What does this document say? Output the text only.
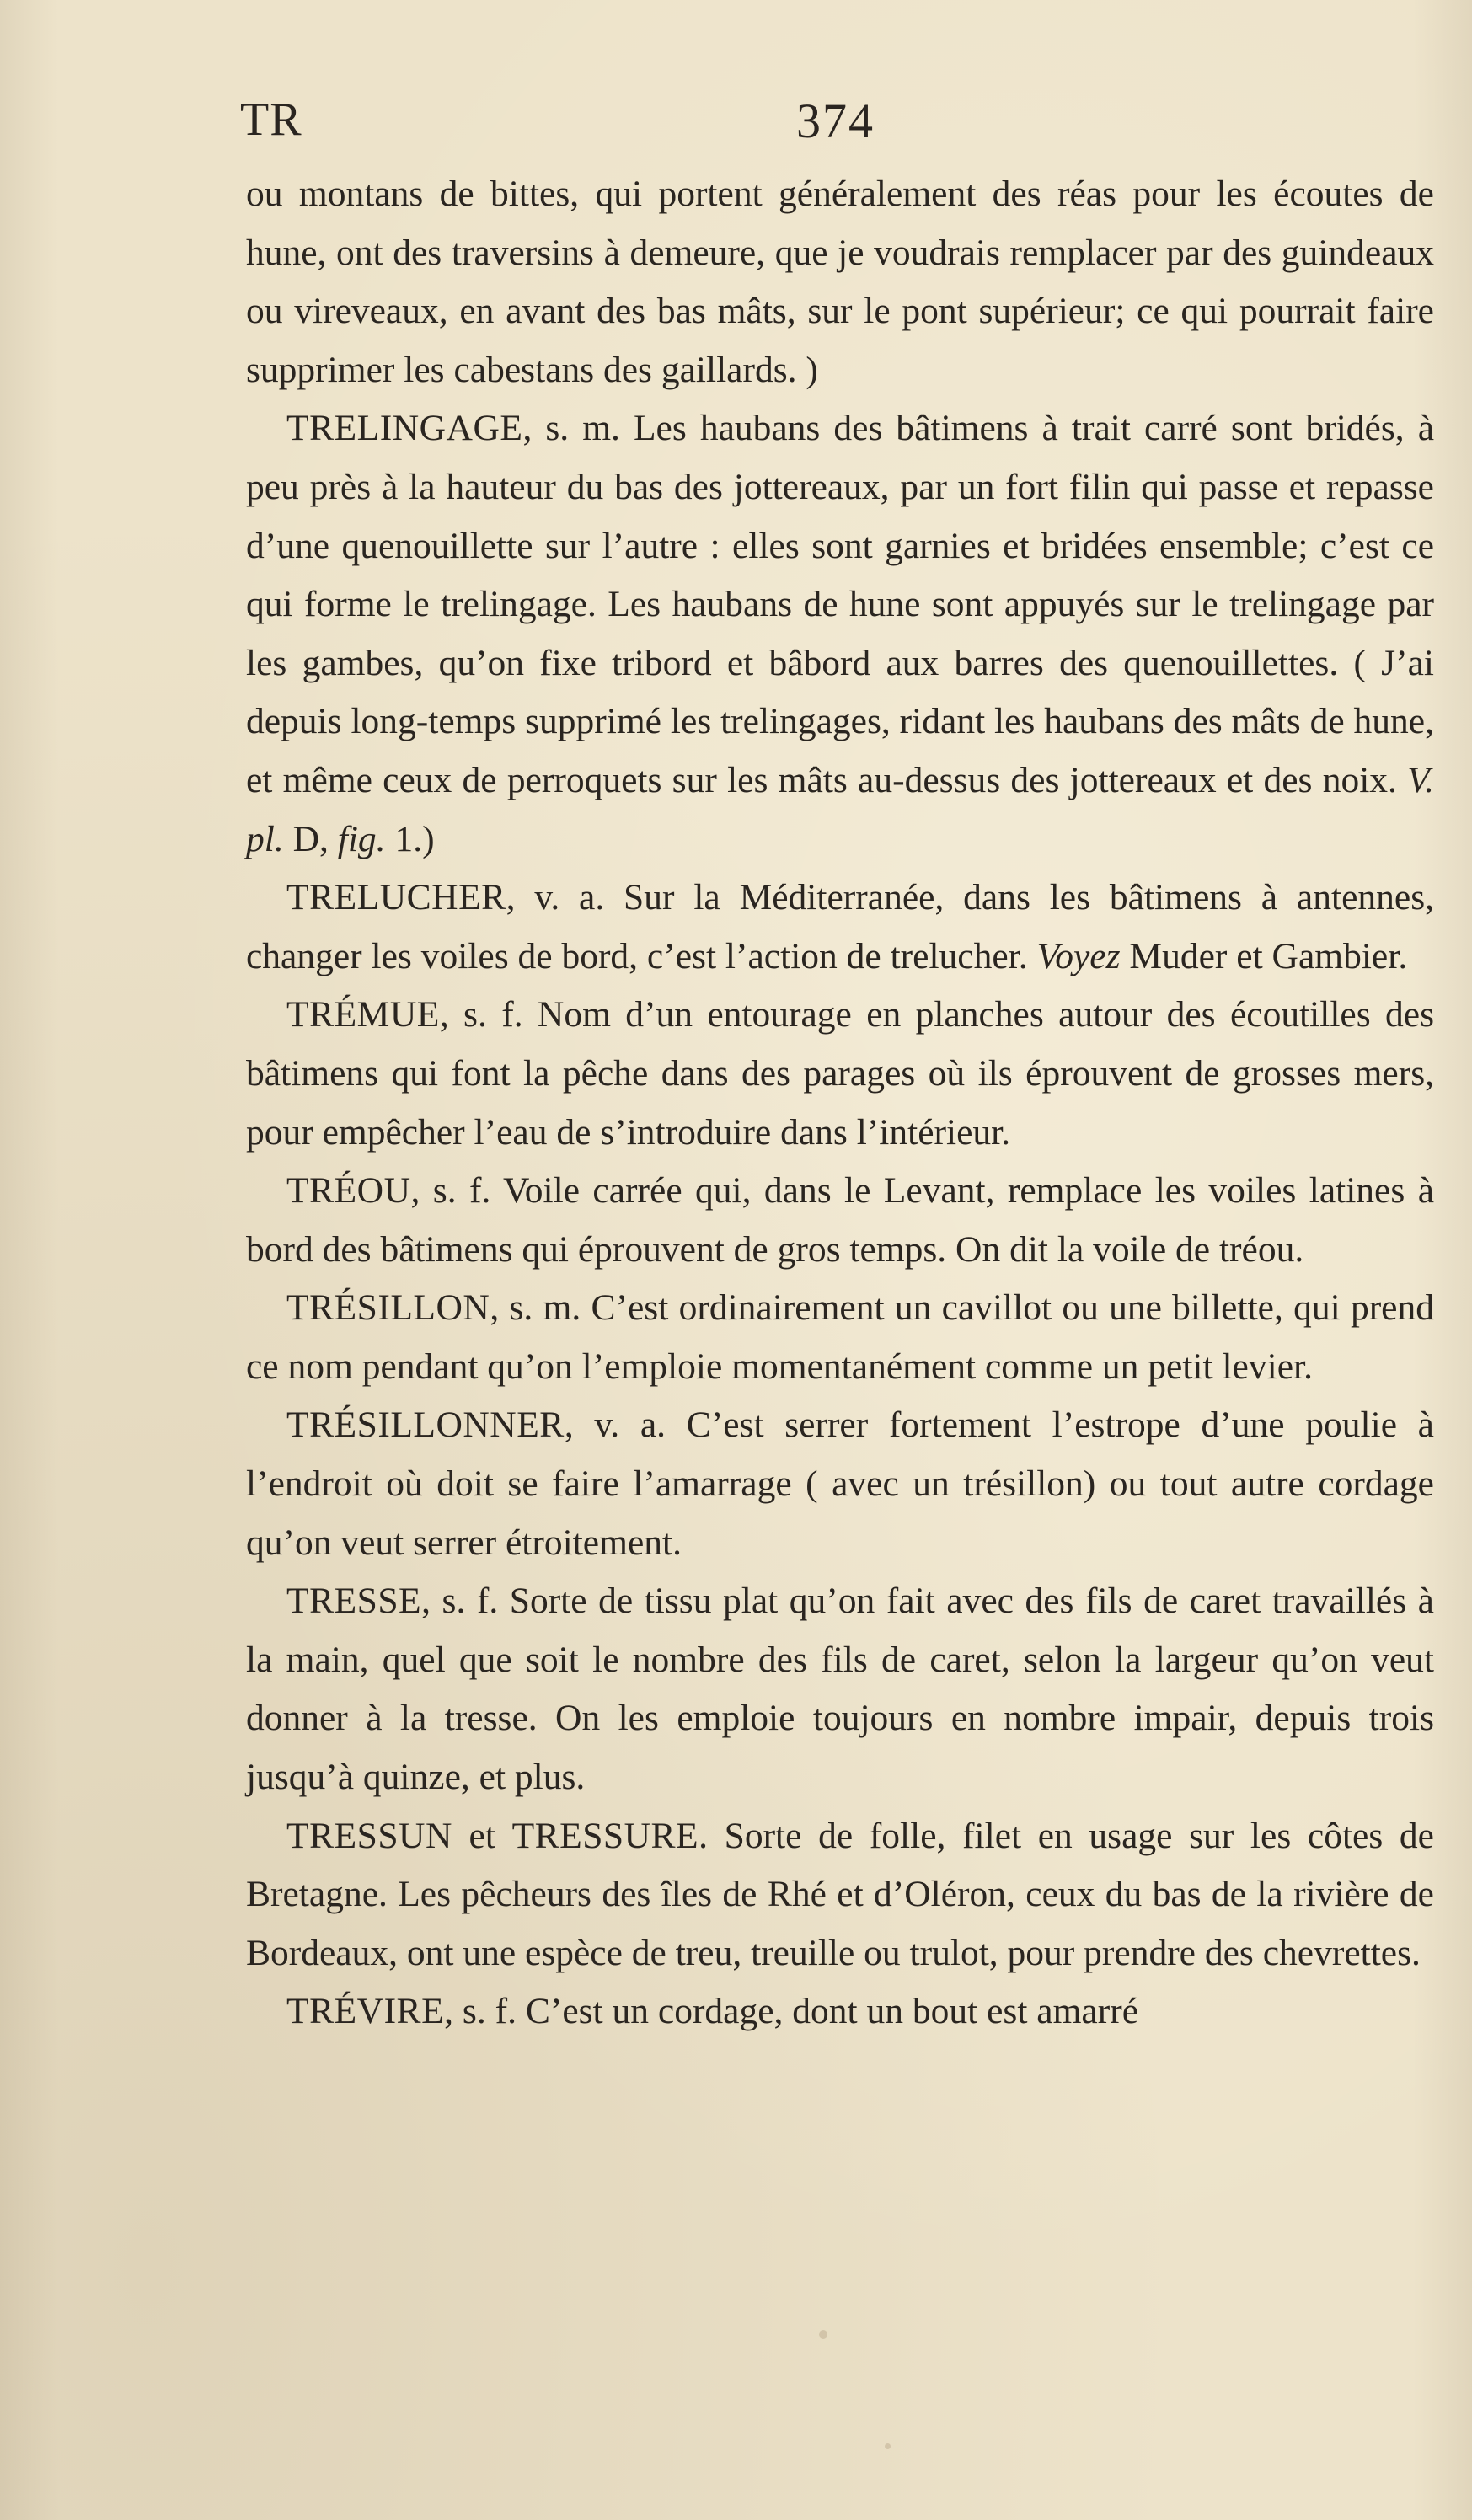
TR	374

ou montans de bittes, qui portent généralement des réas pour les écoutes de hune, ont des traversins à demeure, que je voudrais remplacer par des guindeaux ou vireveaux, en avant des bas mâts, sur le pont supérieur; ce qui pourrait faire supprimer les cabestans des gaillards. )

TRELINGAGE, s. m. Les haubans des bâtimens à trait carré sont bridés, à peu près à la hauteur du bas des jottereaux, par un fort filin qui passe et repasse d’une quenouillette sur l’autre : elles sont garnies et bridées ensemble; c’est ce qui forme le trelingage. Les haubans de hune sont appuyés sur le trelingage par les gambes, qu’on fixe tribord et bâbord aux barres des quenouillettes. ( J’ai depuis long-temps supprimé les trelingages, ridant les haubans des mâts de hune, et même ceux de perroquets sur les mâts au-dessus des jottereaux et des noix. V. pl. D, fig. 1.)

TRELUCHER, v. a. Sur la Méditerranée, dans les bâtimens à antennes, changer les voiles de bord, c’est l’action de trelucher. Voyez Muder et Gambier.

TRÉMUE, s. f. Nom d’un entourage en planches autour des écoutilles des bâtimens qui font la pêche dans des parages où ils éprouvent de grosses mers, pour empêcher l’eau de s’introduire dans l’intérieur.

TRÉOU, s. f. Voile carrée qui, dans le Levant, remplace les voiles latines à bord des bâtimens qui éprouvent de gros temps. On dit la voile de tréou.

TRÉSILLON, s. m. C’est ordinairement un cavillot ou une billette, qui prend ce nom pendant qu’on l’emploie momentanément comme un petit levier.

TRÉSILLONNER, v. a. C’est serrer fortement l’estrope d’une poulie à l’endroit où doit se faire l’amarrage ( avec un trésillon) ou tout autre cordage qu’on veut serrer étroitement.

TRESSE, s. f. Sorte de tissu plat qu’on fait avec des fils de caret travaillés à la main, quel que soit le nombre des fils de caret, selon la largeur qu’on veut donner à la tresse. On les emploie toujours en nombre impair, depuis trois jusqu’à quinze, et plus.

TRESSUN et TRESSURE. Sorte de folle, filet en usage sur les côtes de Bretagne. Les pêcheurs des îles de Rhé et d’Oléron, ceux du bas de la rivière de Bordeaux, ont une espèce de treu, treuille ou trulot, pour prendre des chevrettes.

TRÉVIRE, s. f. C’est un cordage, dont un bout est amarré
